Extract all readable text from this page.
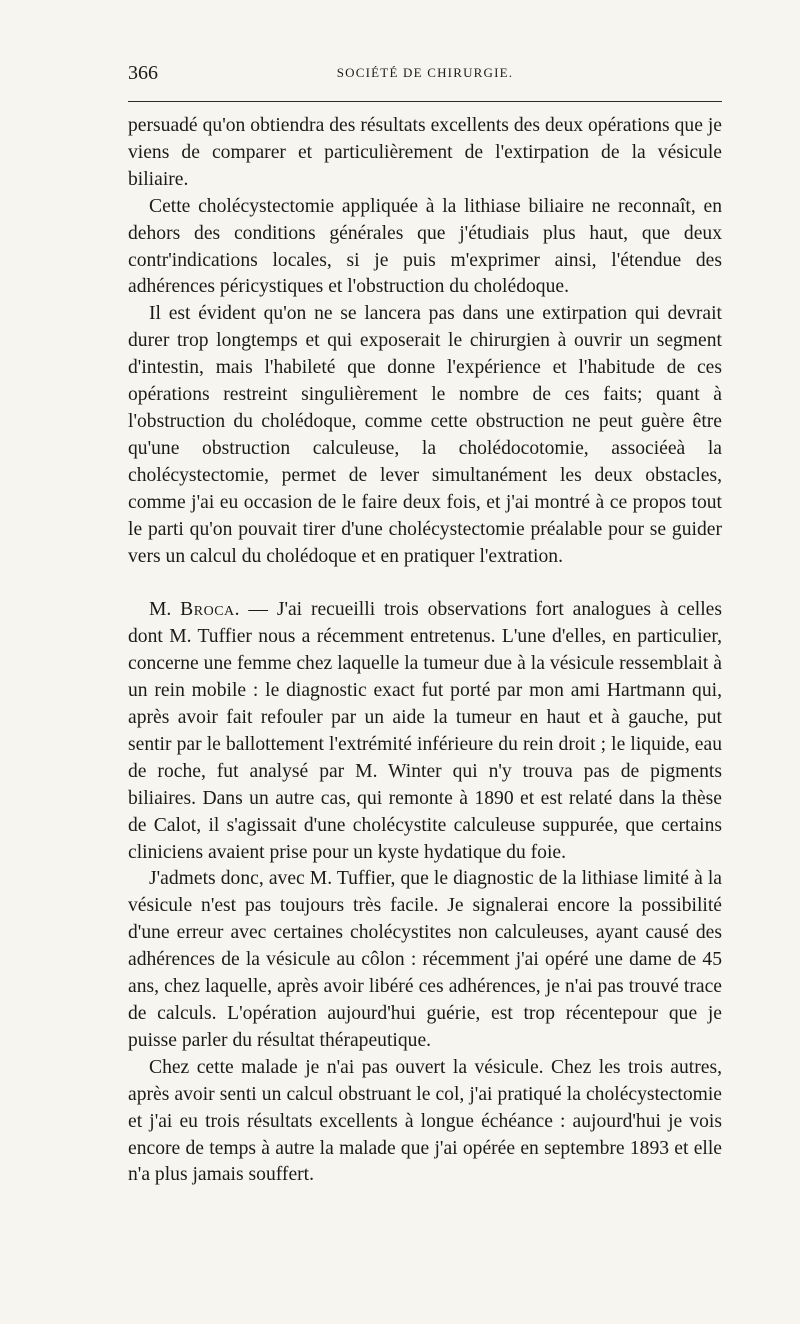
366	SOCIÉTÉ DE CHIRURGIE.

persuadé qu'on obtiendra des résultats excellents des deux opérations que je viens de comparer et particulièrement de l'extirpation de la vésicule biliaire.

Cette cholécystectomie appliquée à la lithiase biliaire ne reconnaît, en dehors des conditions générales que j'étudiais plus haut, que deux contr'indications locales, si je puis m'exprimer ainsi, l'étendue des adhérences péricystiques et l'obstruction du cholédoque.

Il est évident qu'on ne se lancera pas dans une extirpation qui devrait durer trop longtemps et qui exposerait le chirurgien à ouvrir un segment d'intestin, mais l'habileté que donne l'expérience et l'habitude de ces opérations restreint singulièrement le nombre de ces faits; quant à l'obstruction du cholédoque, comme cette obstruction ne peut guère être qu'une obstruction calculeuse, la cholédocotomie, associéeà la cholécystectomie, permet de lever simultanément les deux obstacles, comme j'ai eu occasion de le faire deux fois, et j'ai montré à ce propos tout le parti qu'on pouvait tirer d'une cholécystectomie préalable pour se guider vers un calcul du cholédoque et en pratiquer l'extration.

M. Broca. — J'ai recueilli trois observations fort analogues à celles dont M. Tuffier nous a récemment entretenus. L'une d'elles, en particulier, concerne une femme chez laquelle la tumeur due à la vésicule ressemblait à un rein mobile : le diagnostic exact fut porté par mon ami Hartmann qui, après avoir fait refouler par un aide la tumeur en haut et à gauche, put sentir par le ballottement l'extrémité inférieure du rein droit ; le liquide, eau de roche, fut analysé par M. Winter qui n'y trouva pas de pigments biliaires. Dans un autre cas, qui remonte à 1890 et est relaté dans la thèse de Calot, il s'agissait d'une cholécystite calculeuse suppurée, que certains cliniciens avaient prise pour un kyste hydatique du foie.

J'admets donc, avec M. Tuffier, que le diagnostic de la lithiase limité à la vésicule n'est pas toujours très facile. Je signalerai encore la possibilité d'une erreur avec certaines cholécystites non calculeuses, ayant causé des adhérences de la vésicule au côlon : récemment j'ai opéré une dame de 45 ans, chez laquelle, après avoir libéré ces adhérences, je n'ai pas trouvé trace de calculs. L'opération aujourd'hui guérie, est trop récentepour que je puisse parler du résultat thérapeutique.

Chez cette malade je n'ai pas ouvert la vésicule. Chez les trois autres, après avoir senti un calcul obstruant le col, j'ai pratiqué la cholécystectomie et j'ai eu trois résultats excellents à longue échéance : aujourd'hui je vois encore de temps à autre la malade que j'ai opérée en septembre 1893 et elle n'a plus jamais souffert.
